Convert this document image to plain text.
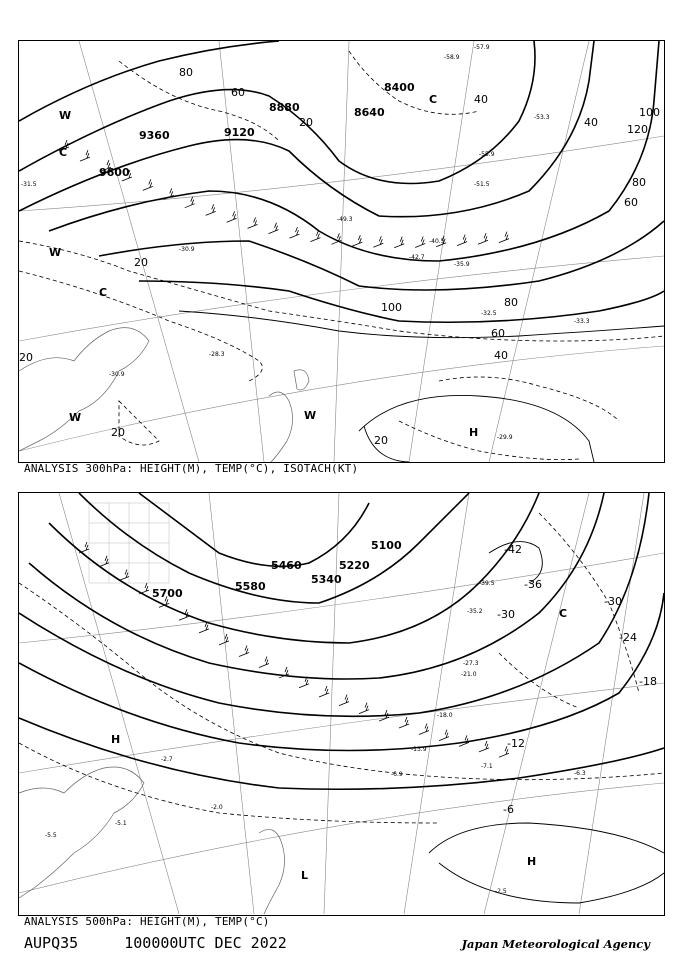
9360	9120
8880	8640
8400
9600
80
60
40
20
120
100
80
60
40
20
100	80
60
40
20
20
20
H
W
W
W
C
C
C
W
-57.9
-58.9
-53.3
-55.9
-51.5
-49.3
-42.7
-40.5
-35.9
-33.3
-30.9
-28.3
-32.5
-29.9
-31.5
-30.9
ANALYSIS 300hPa: HEIGHT(M), TEMP(°C), ISOTACH(KT)
5700
5580
5460
5340
5220
5100	-42
-36
-30
-30
-24
-18
-12
-6
H
H
L
C
-39.5
-35.2
-27.3
-21.0
-18.0
-13.9
-7.1
-6.9	-6.3
-2.5
-2.0
-2.7
-5.1
-5.5
ANALYSIS 500hPa: HEIGHT(M), TEMP(°C)
AUPQ35	100000UTC DEC 2022	Japan Meteorological Agency
